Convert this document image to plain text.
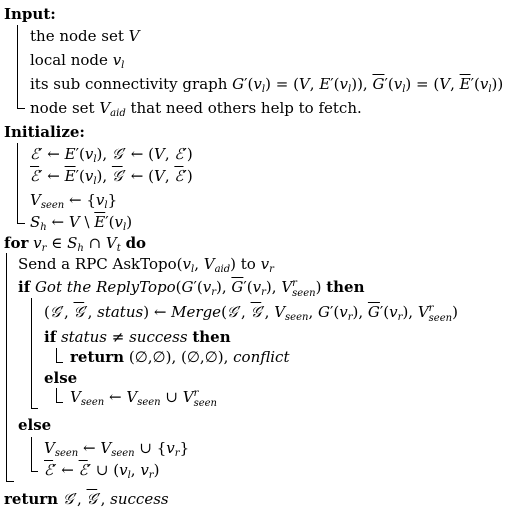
Input:
the node set V
local node $v_l$
its sub connectivity graph $G'(v_l) = (V$, $E'(v_l)$), $\overline{G}'(v_l) = (V$, $\overline{E}'(v_l)$)
node set $V_{aid}$ that need others help to fetch.
Initialize:
ℰ′ ← $E'(v_l)$, 𝒢′ ← (V, ℰ′)
ℰ′ ← $\overline{E}'(v_l)$, 𝒢′ ← (V, ℰ′)
$V_{seen}$ ← $\{v_l\}$
$S_h$ ← V \ $\overline{E}'(v_l)$
for $v_r$ ∈ $S_h$ ∩ $V_t$ do
Send a RPC $AskTopo(v_l$, $V_{aid}$) to $v_r$
if Got the $ReplyTopo(G'(v_r)$, $\overline{G}'(v_r)$, V r
seen ) then
(𝒢′, 𝒢′, status) ← Merge(𝒢′, 𝒢′, $V_{seen}$, $G'(v_r)$, $\overline{G}'(v_r)$, V r
seen )
if status ≠ success then
return (∅,∅), (∅,∅), conflict
else
$V_{seen}$ ← $V_{seen}$ ∪ V r
seen
else
$V_{seen}$ ← $V_{seen}$ ∪ $\{v_r\}$
ℰ′ ← ℰ′ ∪ ($v_l$, $v_r$)
return 𝒢′, 𝒢′, success
